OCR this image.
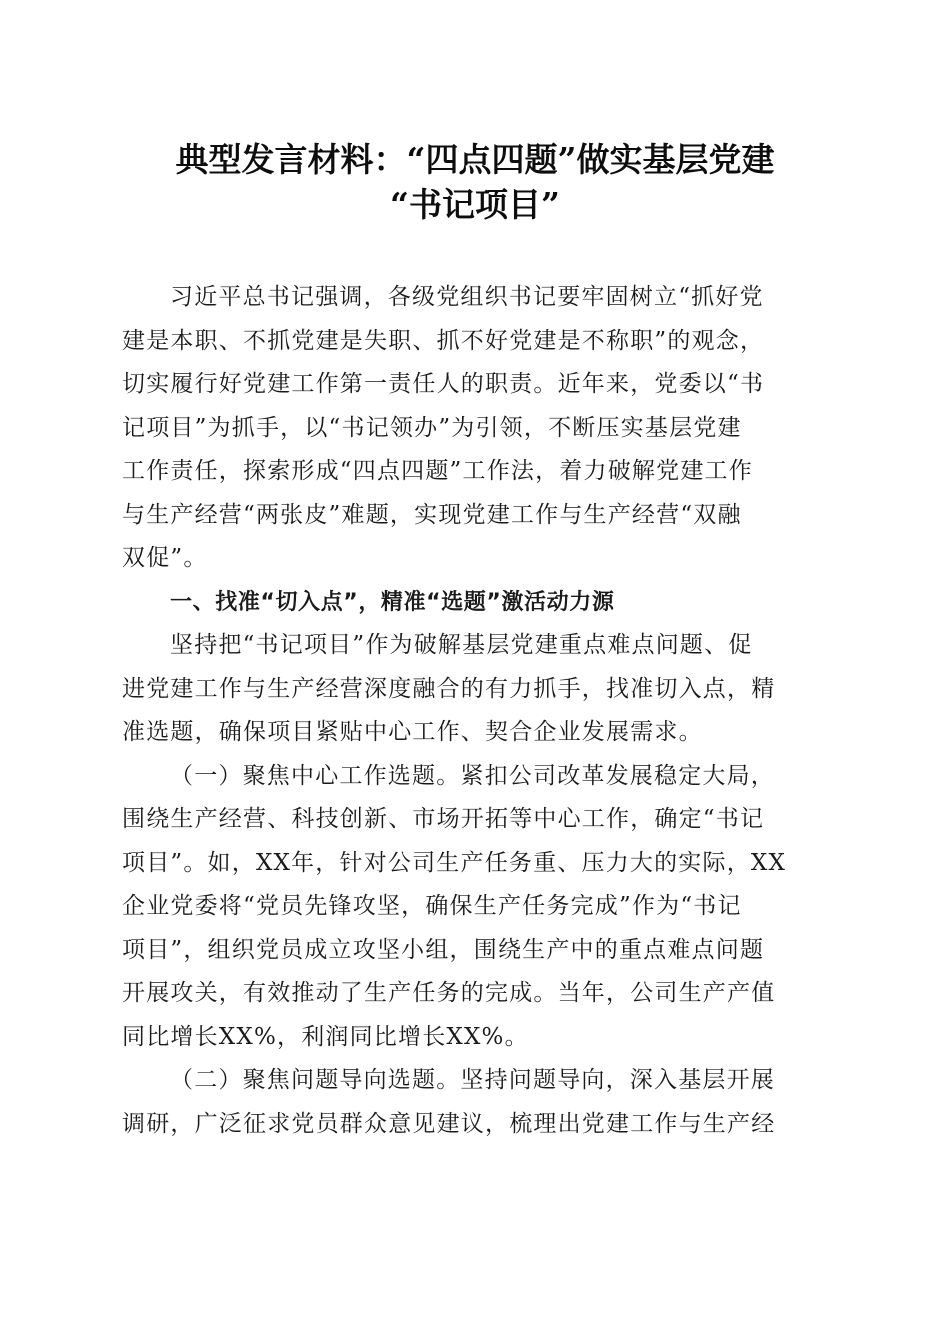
典型发言材料：“四点四题”做实基层党建
“书记项目”
习近平总书记强调，各级党组织书记要牢固树立“抓好党
建是本职、不抓党建是失职、抓不好党建是不称职”的观念，
切实履行好党建工作第一责任人的职责。近年来，党委以“书
记项目”为抓手，以“书记领办”为引领，不断压实基层党建
工作责任，探索形成“四点四题”工作法，着力破解党建工作
与生产经营“两张皮”难题，实现党建工作与生产经营“双融
双促”。
一、找准“切入点”，精准“选题”激活动力源
坚持把“书记项目”作为破解基层党建重点难点问题、促
进党建工作与生产经营深度融合的有力抓手，找准切入点，精
准选题，确保项目紧贴中心工作、契合企业发展需求。
（一）聚焦中心工作选题。紧扣公司改革发展稳定大局，
围绕生产经营、科技创新、市场开拓等中心工作，确定“书记
项目”。如，XX年，针对公司生产任务重、压力大的实际，XX
企业党委将“党员先锋攻坚，确保生产任务完成”作为“书记
项目”，组织党员成立攻坚小组，围绕生产中的重点难点问题
开展攻关，有效推动了生产任务的完成。当年，公司生产产值
同比增长XX%，利润同比增长XX%。
（二）聚焦问题导向选题。坚持问题导向，深入基层开展
调研，广泛征求党员群众意见建议，梳理出党建工作与生产经
